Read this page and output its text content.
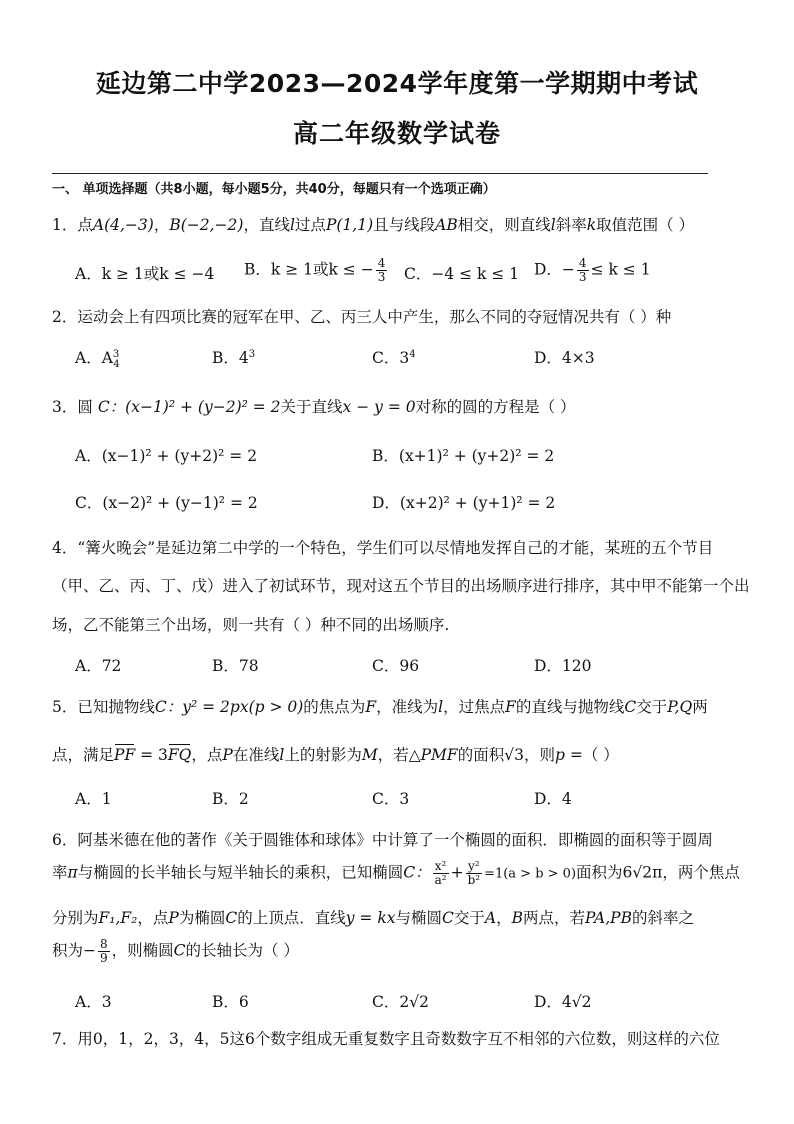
延边第二中学2023—2024学年度第一学期期中考试
高二年级数学试卷
一、 单项选择题（共8小题，每小题5分，共40分，每题只有一个选项正确）
1．点A(4,−3)，B(−2,−2)，直线l过点P(1,1)且与线段AB相交，则直线l斜率k取值范围（ ）
A．k ≥ 1或k ≤ −4 B．k ≥ 1或k ≤ − $\frac{4}{3}$ C．−4 ≤ k ≤ 1 D．− $\frac{4}{3} \le k \le 1$
2．运动会上有四项比赛的冠军在甲、乙、丙三人中产生，那么不同的夺冠情况共有（ ）种
A．$A^3_4$	B．$4^3$	C．$3^4$	D．4×3
3．圆 C：(x−1)² + (y−2)² = 2关于直线x − y = 0对称的圆的方程是（ ）
A．(x−1)² + (y+2)² = 2	B．(x+1)² + (y+2)² = 2
C．(x−2)² + (y−1)² = 2	D．(x+2)² + (y+1)² = 2
4．“篝火晚会”是延边第二中学的一个特色，学生们可以尽情地发挥自己的才能，某班的五个节目
（甲、乙、丙、丁、戊）进入了初试环节，现对这五个节目的出场顺序进行排序，其中甲不能第一个出
场，乙不能第三个出场，则一共有（ ）种不同的出场顺序.
A．72	B．78	C．96	D．120
5．已知抛物线C：y² = 2px(p > 0)的焦点为F，准线为l，过焦点F的直线与抛物线C交于P,Q两
点，满足PF = 3FQ，点P在准线l上的射影为M，若△PMF的面积√3，则p =（ ）
A．1	B．2	C．3	D．4
6．阿基米德在他的著作《关于圆锥体和球体》中计算了一个椭圆的面积．即椭圆的面积等于圆周
率π与椭圆的长半轴长与短半轴长的乘积，已知椭圆C： $\frac{\text{x²}}{\text{a²}} + \frac{\text{y²}}{\text{b²}} =1(a > b > 0)$面积为6√2π，两个焦点
分别为F₁,F₂，点P为椭圆C的上顶点．直线y = kx与椭圆C交于A，B两点，若PA,PB的斜率之
积为− $\frac{8}{9}$ ，则椭圆C的长轴长为（ ）
A．3	B．6	C．2√2	D．4√2
7．用0，1，2，3，4，5这6个数字组成无重复数字且奇数数字互不相邻的六位数，则这样的六位
